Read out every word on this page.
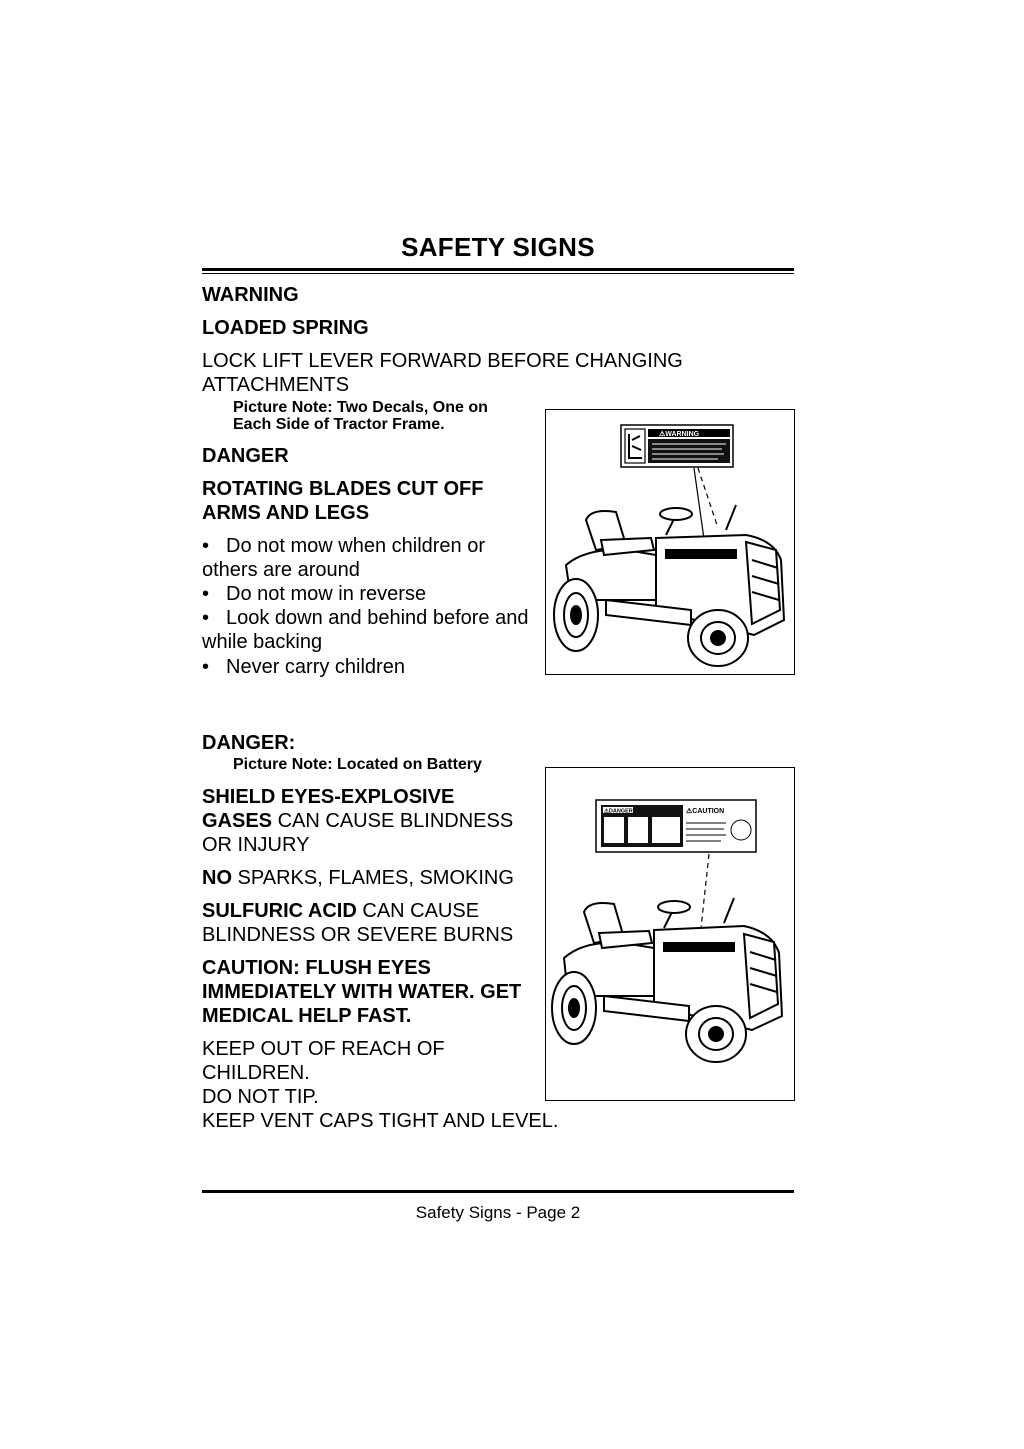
SAFETY SIGNS
WARNING
LOADED SPRING
LOCK LIFT LEVER FORWARD BEFORE CHANGING
ATTACHMENTS
Picture Note: Two Decals, One on
Each Side of Tractor Frame.
DANGER
ROTATING BLADES CUT OFF
ARMS AND LEGS
• Do not mow when children or
others are around
• Do not mow in reverse
• Look down and behind before and
while backing
• Never carry children
⚠WARNING
DANGER:
Picture Note: Located on Battery
SHIELD EYES-EXPLOSIVE
GASES CAN CAUSE BLINDNESS
OR INJURY
NO SPARKS, FLAMES, SMOKING
SULFURIC ACID CAN CAUSE
BLINDNESS OR SEVERE BURNS
CAUTION: FLUSH EYES
IMMEDIATELY WITH WATER. GET
MEDICAL HELP FAST.
KEEP OUT OF REACH OF
CHILDREN.
DO NOT TIP.
KEEP VENT CAPS TIGHT AND LEVEL.
⚠DANGER	⚠CAUTION
Safety Signs - Page 2
